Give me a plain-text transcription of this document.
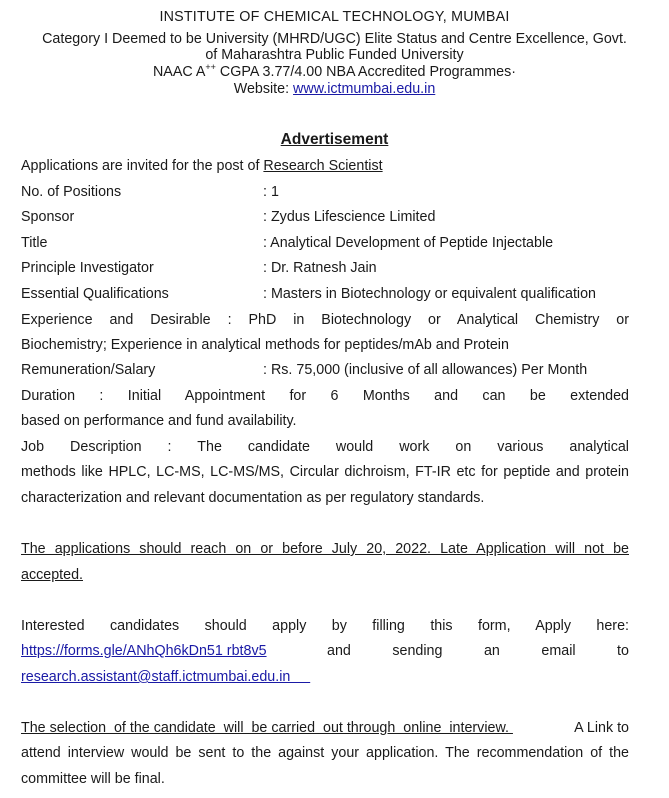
INSTITUTE OF CHEMICAL TECHNOLOGY, MUMBAI
Category I Deemed to be University (MHRD/UGC) Elite Status and Centre Excellence, Govt.
of Maharashtra Public Funded University
NAAC A++ CGPA 3.77/4.00 NBA Accredited Programmes·
Website: www.ictmumbai.edu.in
Advertisement
Applications are invited for the post of Research Scientist
No. of Positions	: 1
Sponsor	: Zydus Lifescience Limited
Title	: Analytical Development of Peptide Injectable
Principle Investigator	: Dr. Ratnesh Jain
Essential Qualifications	: Masters in Biotechnology or equivalent qualification
Experience and Desirable : PhD in Biotechnology or Analytical Chemistry or
Biochemistry; Experience in analytical methods for peptides/mAb and Protein
Remuneration/Salary	: Rs. 75,000 (inclusive of all allowances) Per Month
Duration : Initial Appointment for 6 Months and can be extended
based on performance and fund availability.
Job Description : The candidate would work on various analytical
methods like HPLC, LC-MS, LC-MS/MS, Circular dichroism, FT-IR etc for peptide and protein
characterization and relevant documentation as per regulatory standards.
The applications should reach on or before July 20, 2022. Late Application will not be
accepted.
Interested candidates should apply by filling this form, Apply here:
https://forms.gle/ANhQh6kDn51 rbt8v5	and sending an email to
research.assistant@staff.ictmumbai.edu.in
The selection  of the candidate  will  be carried  out through  online  interview.	A Link to
attend interview would be sent to the against your application. The recommendation of the
committee will be final.
